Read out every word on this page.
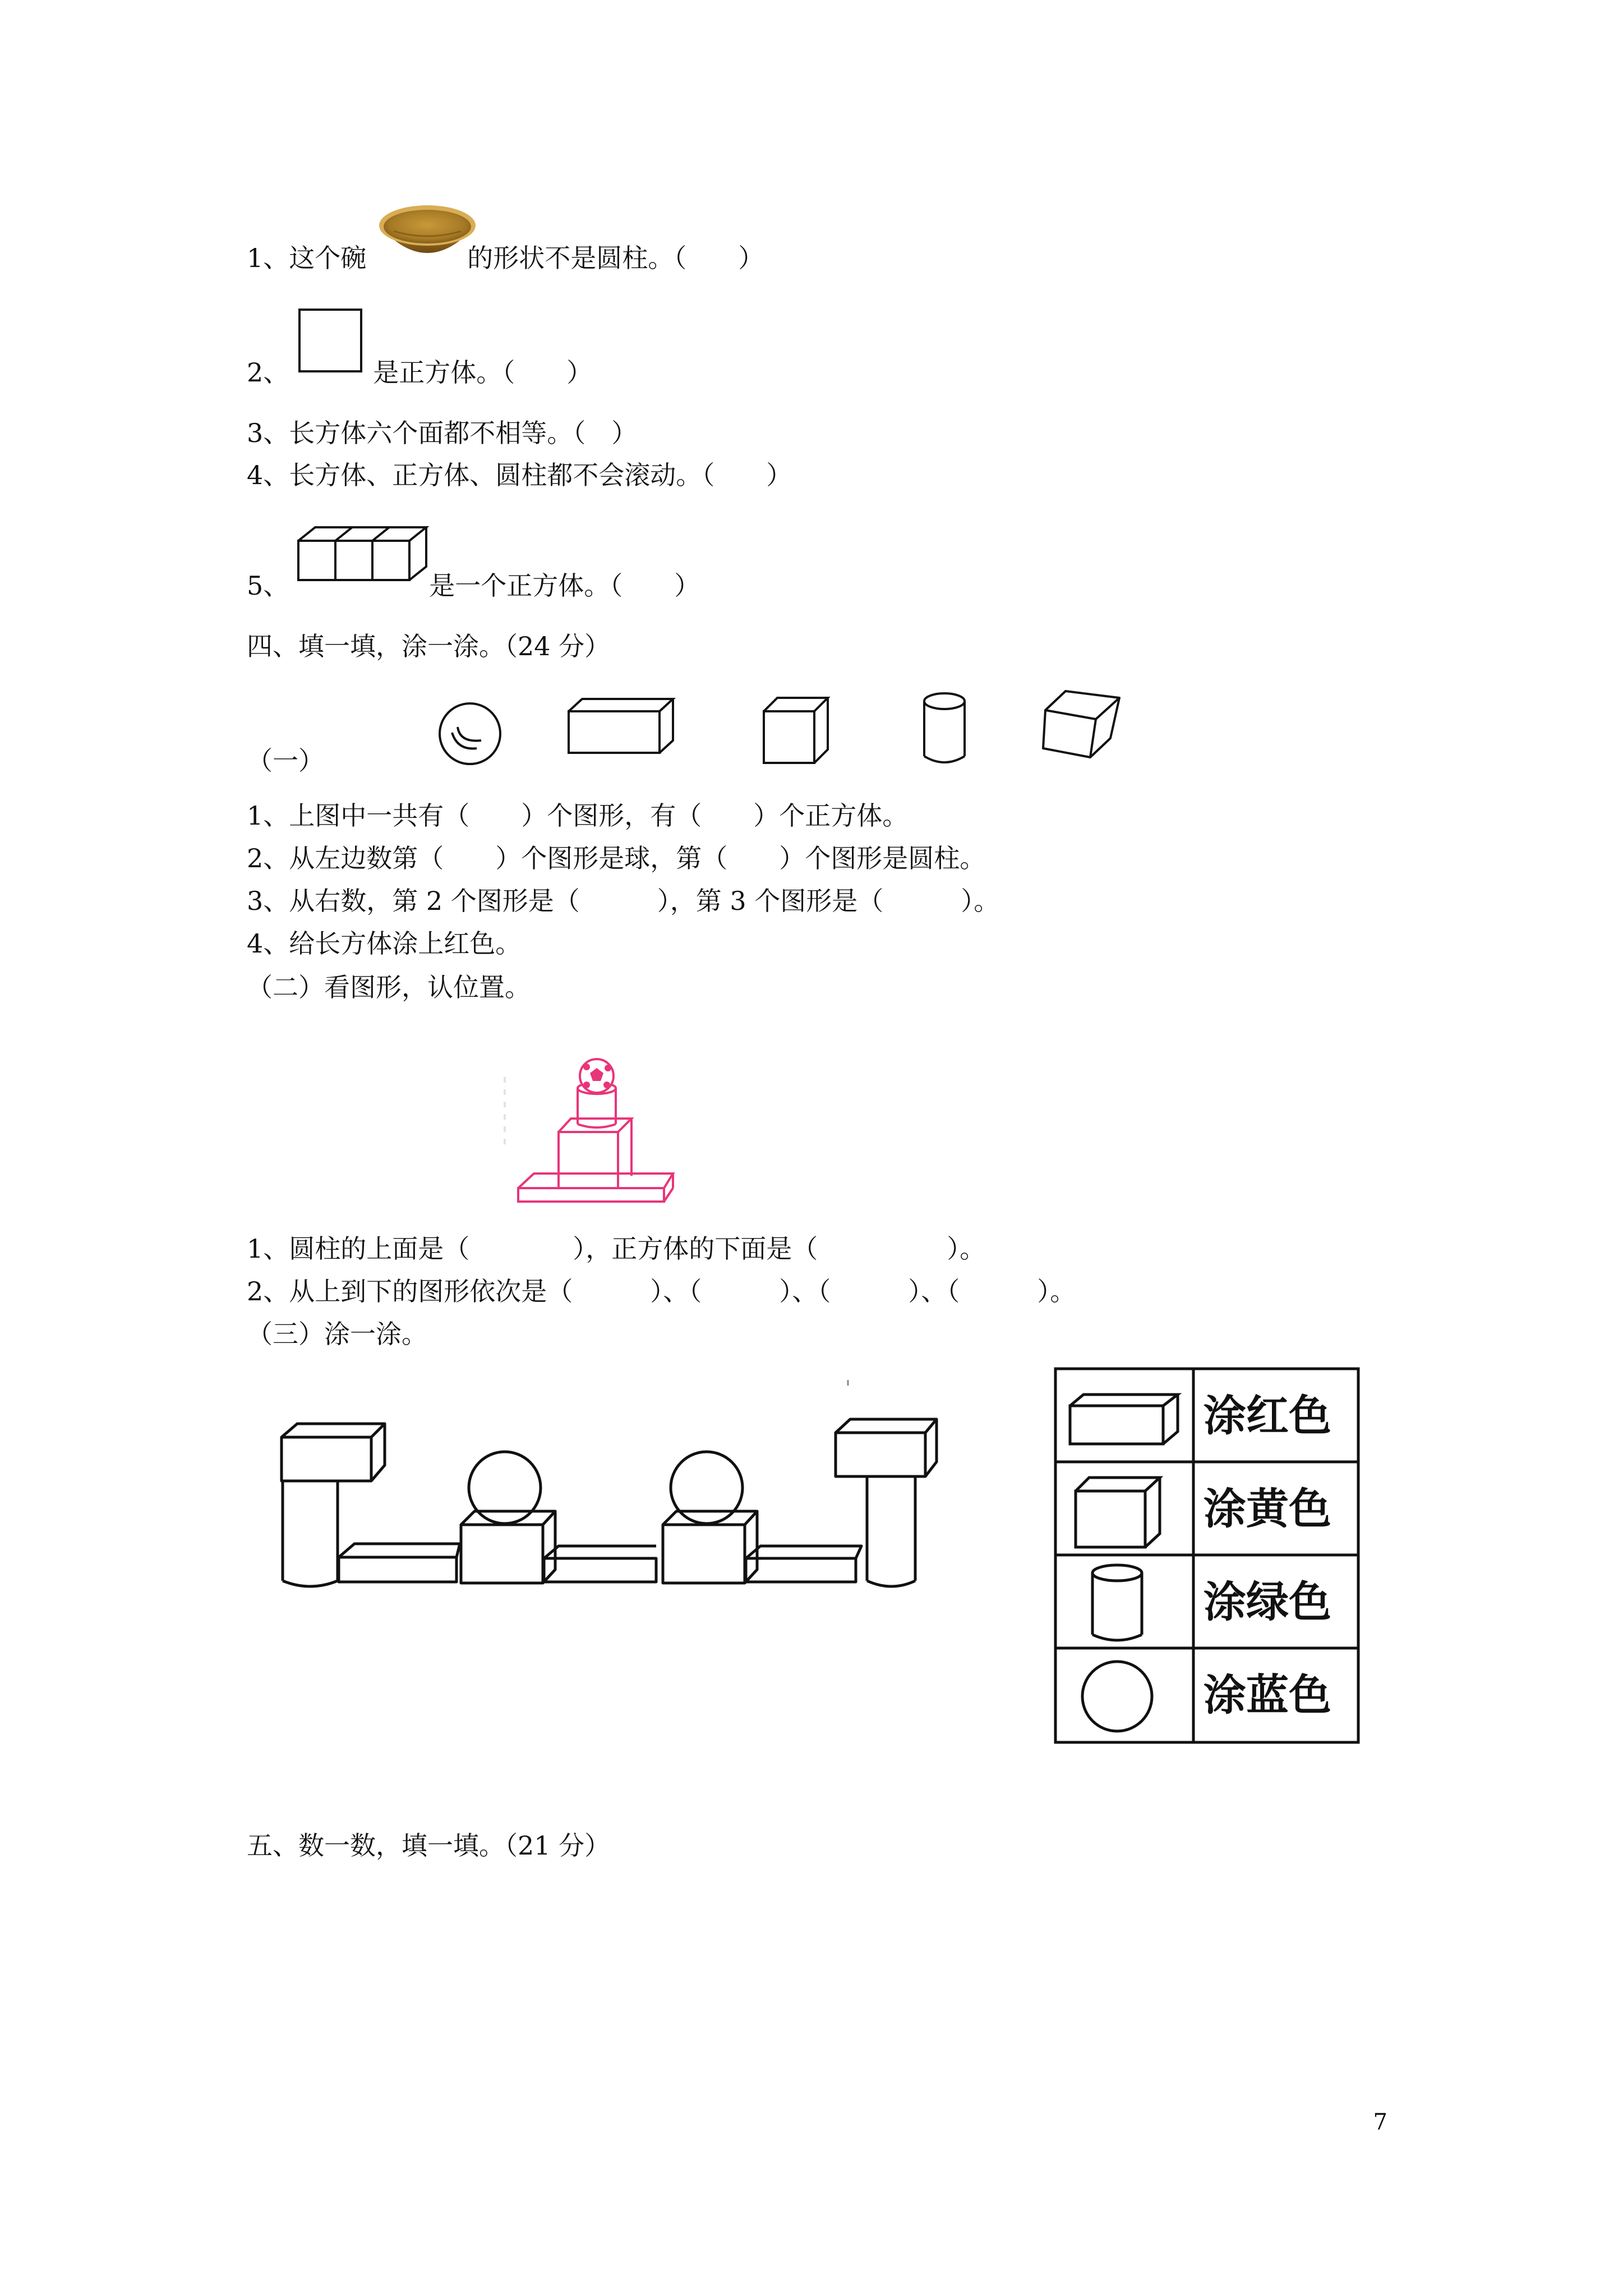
1、这个碗	的形状不是圆柱。（　　）
2、	是正方体。（　　）
3、长方体六个面都不相等。（　）
4、长方体、正方体、圆柱都不会滚动。（　　）
5、	是一个正方体。（　　）
四、填一填，涂一涂。（24 分）
（一）
1、上图中一共有（　　）个图形，有（　　）个正方体。
2、从左边数第（　　）个图形是球，第（　　）个图形是圆柱。
3、从右数，第 2 个图形是（　　　），第 3 个图形是（　　　）。
4、给长方体涂上红色。
（二）看图形，认位置。
1、圆柱的上面是（　　　　），正方体的下面是（　　　　　）。
2、从上到下的图形依次是（　　　）、（　　　）、（　　　）、（　　　）。
（三）涂一涂。
涂红色
涂黄色
涂绿色
涂蓝色
五、数一数，填一填。（21 分）
7
